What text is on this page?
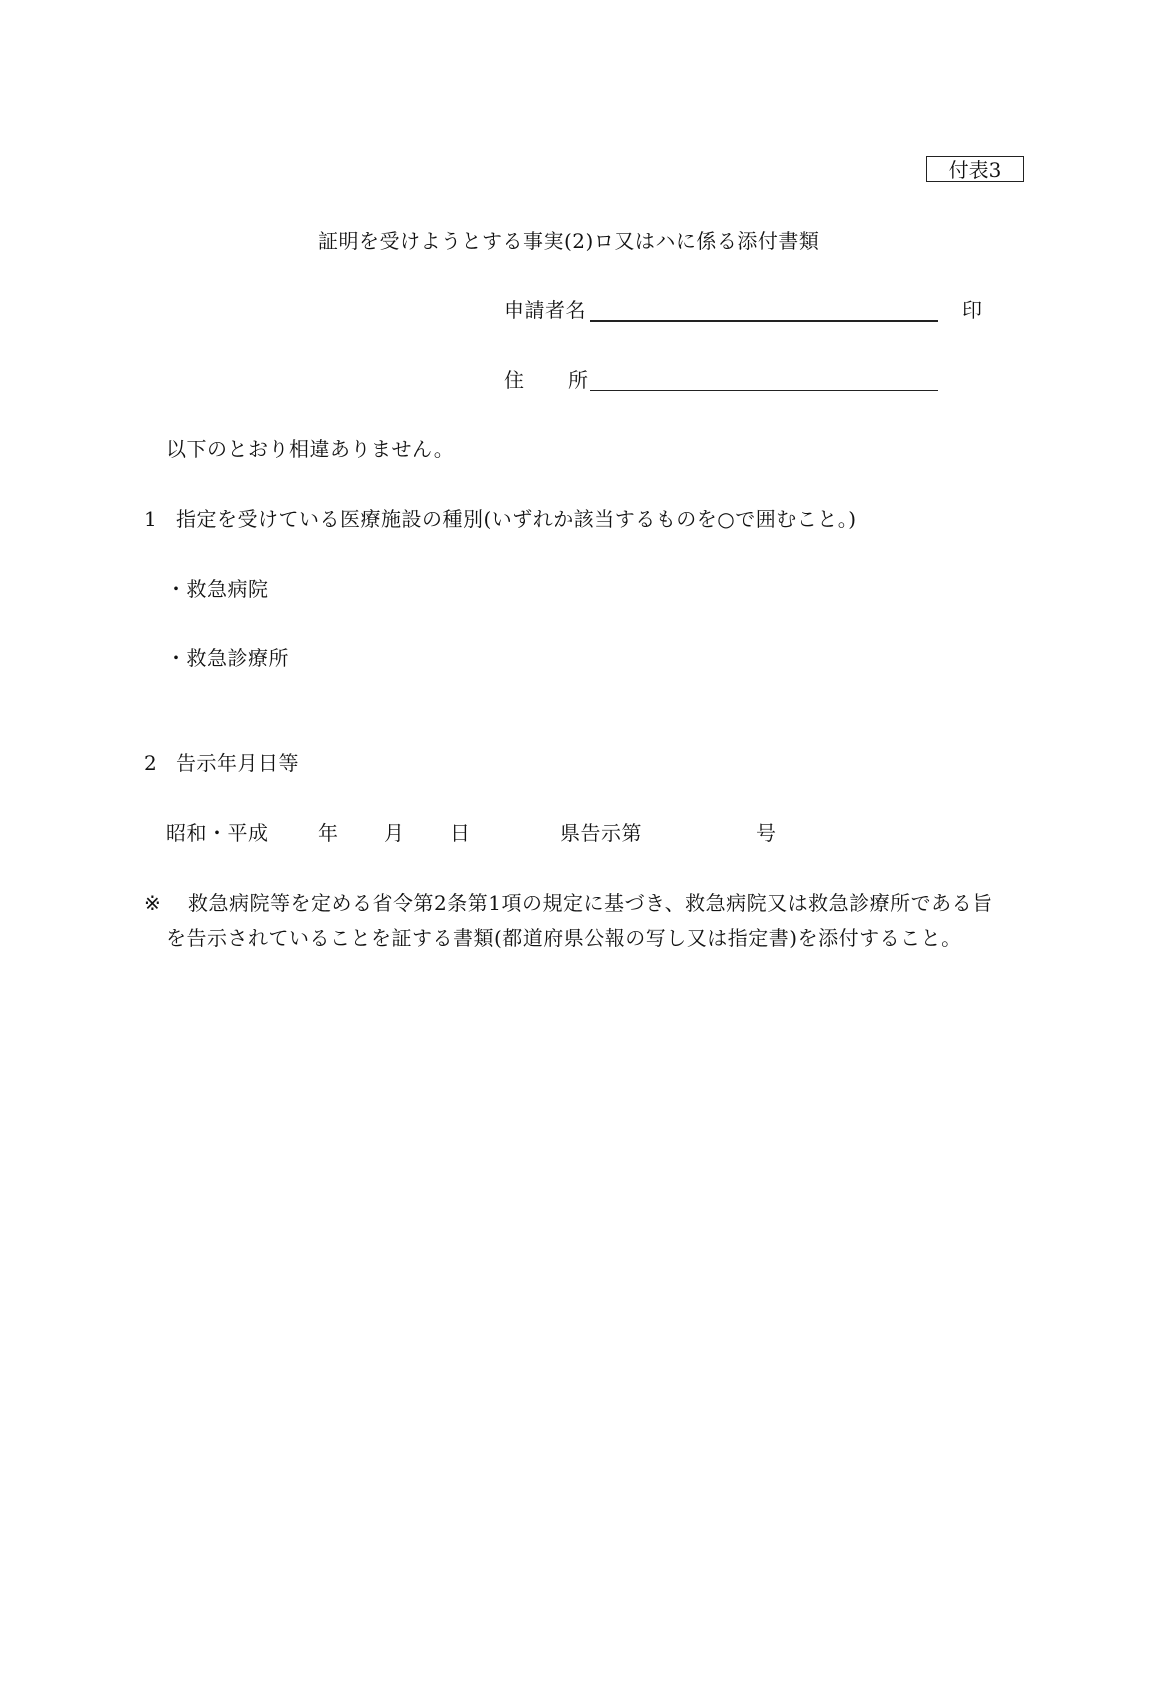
付表3
証明を受けようとする事実(2)ロ又はハに係る添付書類
申請者名	印
住 所
以下のとおり相違ありません。
1 指定を受けている医療施設の種別(いずれか該当するものを○で囲むこと。)
・救急病院
・救急診療所
2 告示年月日等
昭和・平成 年 月 日	県告示第	号
※ 救急病院等を定める省令第2条第1項の規定に基づき、救急病院又は救急診療所である旨
を告示されていることを証する書類(都道府県公報の写し又は指定書)を添付すること。
